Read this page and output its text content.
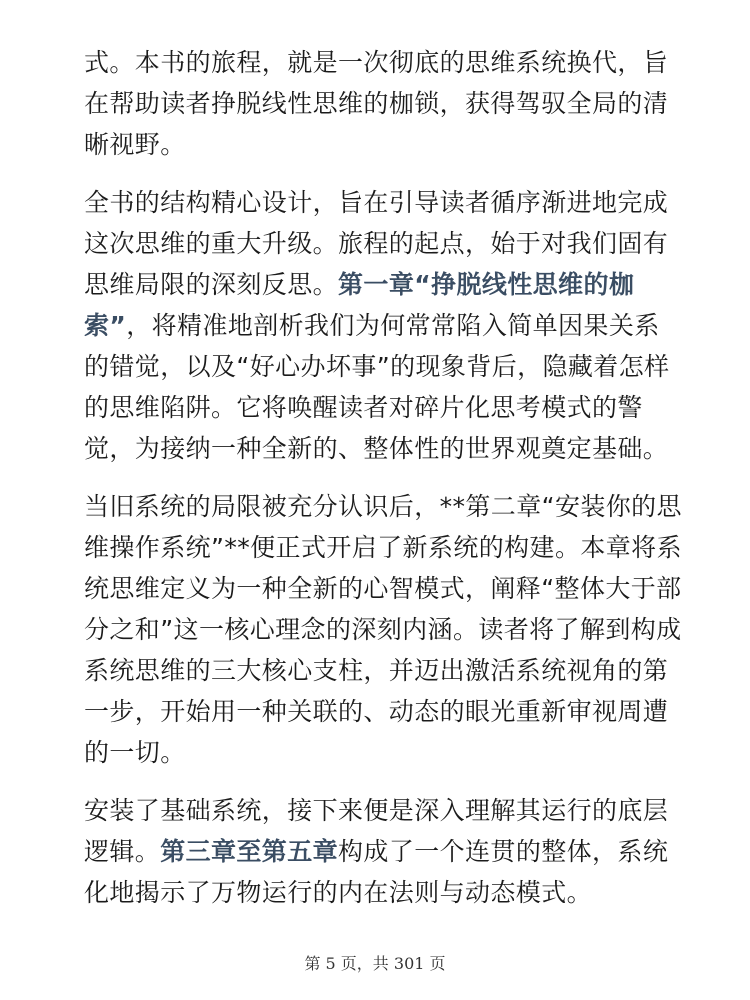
式。本书的旅程，就是一次彻底的思维系统换代，旨在帮助读者挣脱线性思维的枷锁，获得驾驭全局的清晰视野。

全书的结构精心设计，旨在引导读者循序渐进地完成这次思维的重大升级。旅程的起点，始于对我们固有思维局限的深刻反思。第一章“挣脱线性思维的枷索”，将精准地剖析我们为何常常陷入简单因果关系的错觉，以及“好心办坏事”的现象背后，隐藏着怎样的思维陷阱。它将唤醒读者对碎片化思考模式的警觉，为接纳一种全新的、整体性的世界观奠定基础。

当旧系统的局限被充分认识后，**第二章“安装你的思维操作系统”**便正式开启了新系统的构建。本章将系统思维定义为一种全新的心智模式，阐释“整体大于部分之和”这一核心理念的深刻内涵。读者将了解到构成系统思维的三大核心支柱，并迈出激活系统视角的第一步，开始用一种关联的、动态的眼光重新审视周遭的一切。

安装了基础系统，接下来便是深入理解其运行的底层逻辑。第三章至第五章构成了一个连贯的整体，系统化地揭示了万物运行的内在法则与动态模式。

第 5 页，共 301 页
